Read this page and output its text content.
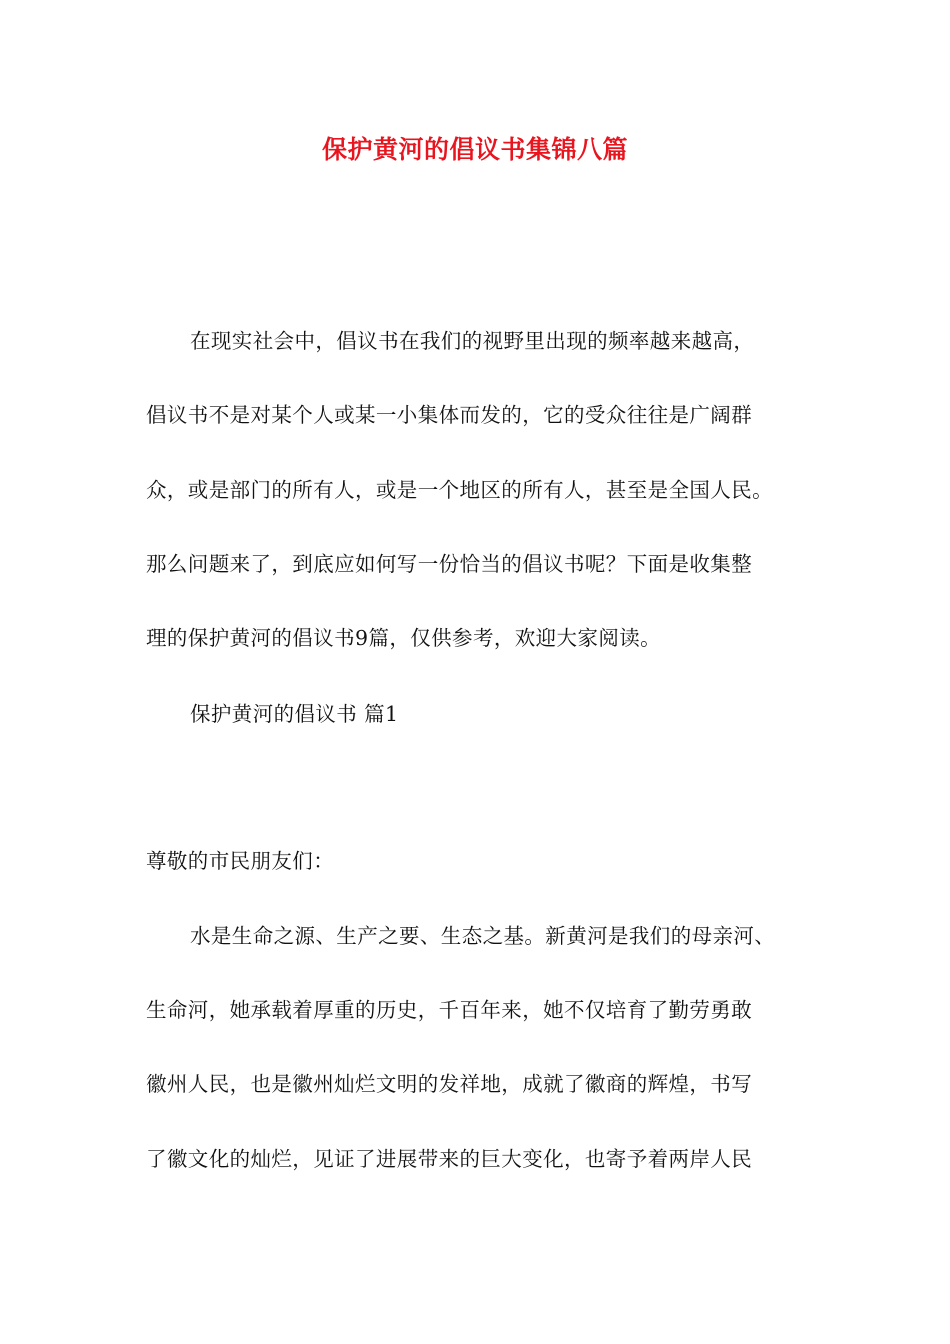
保护黄河的倡议书集锦八篇
在现实社会中，倡议书在我们的视野里出现的频率越来越高，
倡议书不是对某个人或某一小集体而发的，它的受众往往是广阔群
众，或是部门的所有人，或是一个地区的所有人，甚至是全国人民。
那么问题来了，到底应如何写一份恰当的倡议书呢？下面是收集整
理的保护黄河的倡议书9篇，仅供参考，欢迎大家阅读。
保护黄河的倡议书 篇1
尊敬的市民朋友们：
水是生命之源、生产之要、生态之基。新黄河是我们的母亲河、
生命河，她承载着厚重的历史，千百年来，她不仅培育了勤劳勇敢
徽州人民，也是徽州灿烂文明的发祥地，成就了徽商的辉煌，书写
了徽文化的灿烂，见证了进展带来的巨大变化，也寄予着两岸人民
